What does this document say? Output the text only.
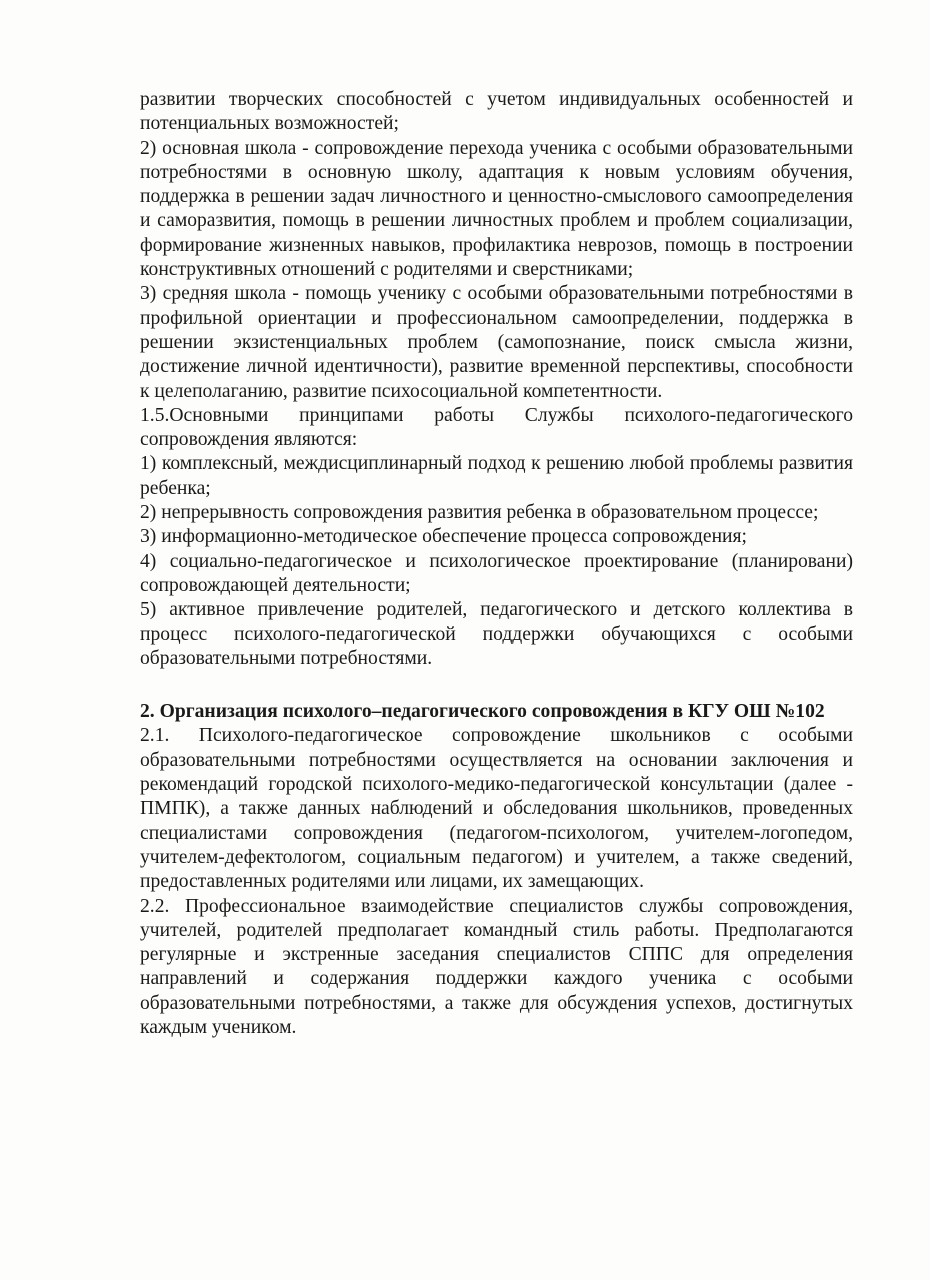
развитии творческих способностей с учетом индивидуальных особенностей и потенциальных возможностей;

2) основная школа - сопровождение перехода ученика с особыми образовательными потребностями в основную школу, адаптация к новым условиям обучения, поддержка в решении задач личностного и ценностно-смыслового самоопределения и саморазвития, помощь в решении личностных проблем и проблем социализации, формирование жизненных навыков, профилактика неврозов, помощь в построении конструктивных отношений с родителями и сверстниками;

3) средняя школа - помощь ученику с особыми образовательными потребностями в профильной ориентации и профессиональном самоопределении, поддержка в решении экзистенциальных проблем (самопознание, поиск смысла жизни, достижение личной идентичности), развитие временной перспективы, способности к целеполаганию, развитие психосоциальной компетентности.

1.5.Основными принципами работы Службы психолого-педагогического сопровождения являются:

1) комплексный, междисциплинарный подход к решению любой проблемы развития ребенка;

2) непрерывность сопровождения развития ребенка в образовательном процессе;

3) информационно-методическое обеспечение процесса сопровождения;

4) социально-педагогическое и психологическое проектирование (планировани) сопровождающей деятельности;

5) активное привлечение родителей, педагогического и детского коллектива в процесс психолого-педагогической поддержки обучающихся с особыми образовательными потребностями.

2. Организация психолого–педагогического сопровождения в КГУ ОШ №102

2.1. Психолого-педагогическое сопровождение школьников с особыми образовательными потребностями осуществляется на основании заключения и рекомендаций городской психолого-медико-педагогической консультации (далее - ПМПК), а также данных наблюдений и обследования школьников, проведенных специалистами сопровождения (педагогом-психологом, учителем-логопедом, учителем-дефектологом, социальным педагогом) и учителем, а также сведений, предоставленных родителями или лицами, их замещающих.

2.2. Профессиональное взаимодействие специалистов службы сопровождения, учителей, родителей предполагает командный стиль работы. Предполагаются регулярные и экстренные заседания специалистов СППС для определения направлений и содержания поддержки каждого ученика с особыми образовательными потребностями, а также для обсуждения успехов, достигнутых каждым учеником.
